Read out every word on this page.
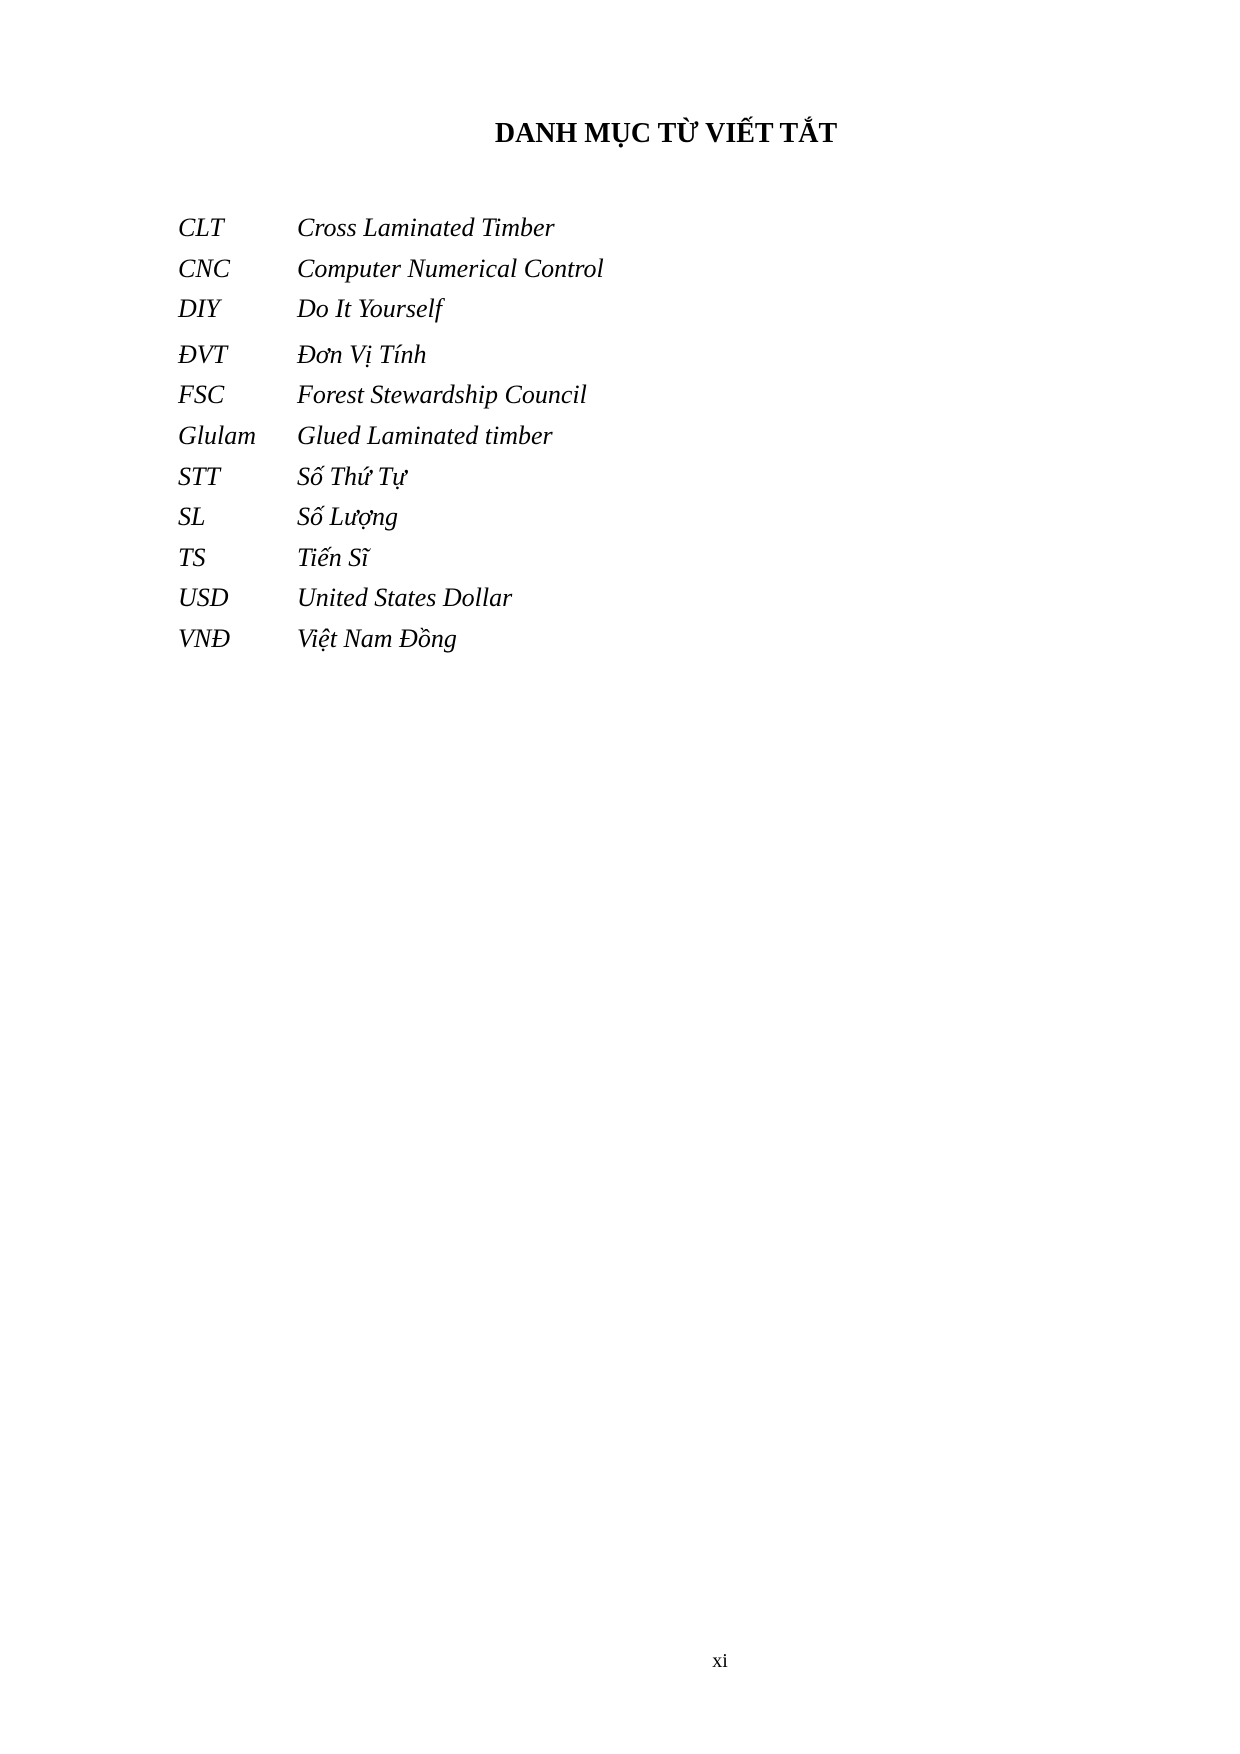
DANH MỤC TỪ VIẾT TẮT
CLT	Cross Laminated Timber
CNC	Computer Numerical Control
DIY	Do It Yourself
ĐVT	Đơn Vị Tính
FSC	Forest Stewardship Council
Glulam Glued Laminated timber
STT	Số Thứ Tự
SL	Số Lượng
TS	Tiến Sĩ
USD	United States Dollar
VNĐ	Việt Nam Đồng
xi
